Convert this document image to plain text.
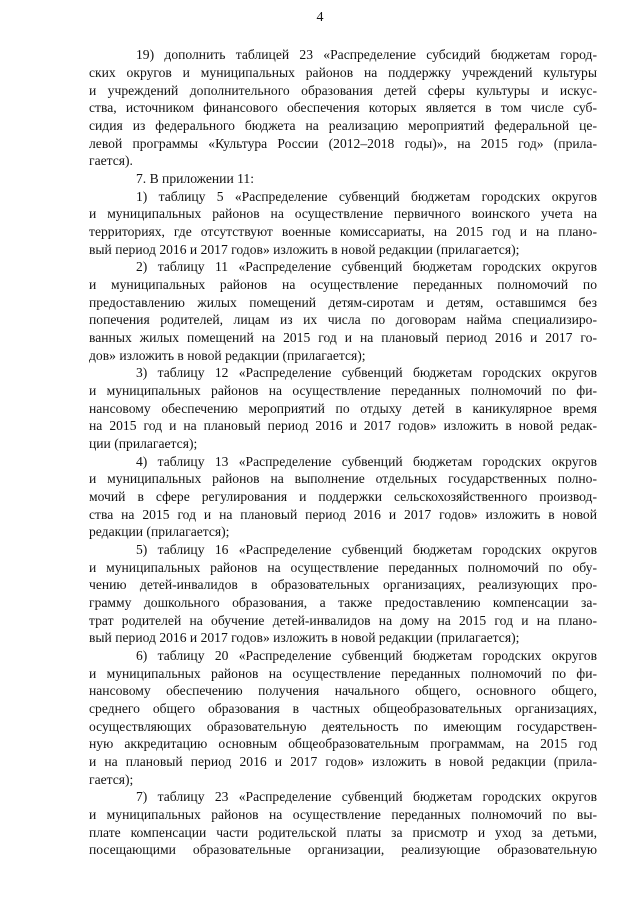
4
19) дополнить таблицей 23 «Распределение субсидий бюджетам город-
ских округов и муниципальных районов на поддержку учреждений культуры
и учреждений дополнительного образования детей сферы культуры и искус-
ства, источником финансового обеспечения которых является в том числе суб-
сидия из федерального бюджета на реализацию мероприятий федеральной це-
левой программы «Культура России (2012–2018 годы)», на 2015 год» (прила-
гается).
7. В приложении 11:
1) таблицу 5 «Распределение субвенций бюджетам городских округов
и муниципальных районов на осуществление первичного воинского учета на
территориях, где отсутствуют военные комиссариаты, на 2015 год и на плано-
вый период 2016 и 2017 годов» изложить в новой редакции (прилагается);
2) таблицу 11 «Распределение субвенций бюджетам городских округов
и муниципальных районов на осуществление переданных полномочий по
предоставлению жилых помещений детям-сиротам и детям, оставшимся без
попечения родителей, лицам из их числа по договорам найма специализиро-
ванных жилых помещений на 2015 год и на плановый период 2016 и 2017 го-
дов» изложить в новой редакции (прилагается);
3) таблицу 12 «Распределение субвенций бюджетам городских округов
и муниципальных районов на осуществление переданных полномочий по фи-
нансовому обеспечению мероприятий по отдыху детей в каникулярное время
на 2015 год и на плановый период 2016 и 2017 годов» изложить в новой редак-
ции (прилагается);
4) таблицу 13 «Распределение субвенций бюджетам городских округов
и муниципальных районов на выполнение отдельных государственных полно-
мочий в сфере регулирования и поддержки сельскохозяйственного производ-
ства на 2015 год и на плановый период 2016 и 2017 годов» изложить в новой
редакции (прилагается);
5) таблицу 16 «Распределение субвенций бюджетам городских округов
и муниципальных районов на осуществление переданных полномочий по обу-
чению детей-инвалидов в образовательных организациях, реализующих про-
грамму дошкольного образования, а также предоставлению компенсации за-
трат родителей на обучение детей-инвалидов на дому на 2015 год и на плано-
вый период 2016 и 2017 годов» изложить в новой редакции (прилагается);
6) таблицу 20 «Распределение субвенций бюджетам городских округов
и муниципальных районов на осуществление переданных полномочий по фи-
нансовому обеспечению получения начального общего, основного общего,
среднего общего образования в частных общеобразовательных организациях,
осуществляющих образовательную деятельность по имеющим государствен-
ную аккредитацию основным общеобразовательным программам, на 2015 год
и на плановый период 2016 и 2017 годов» изложить в новой редакции (прила-
гается);
7) таблицу 23 «Распределение субвенций бюджетам городских округов
и муниципальных районов на осуществление переданных полномочий по вы-
плате компенсации части родительской платы за присмотр и уход за детьми,
посещающими образовательные организации, реализующие образовательную
